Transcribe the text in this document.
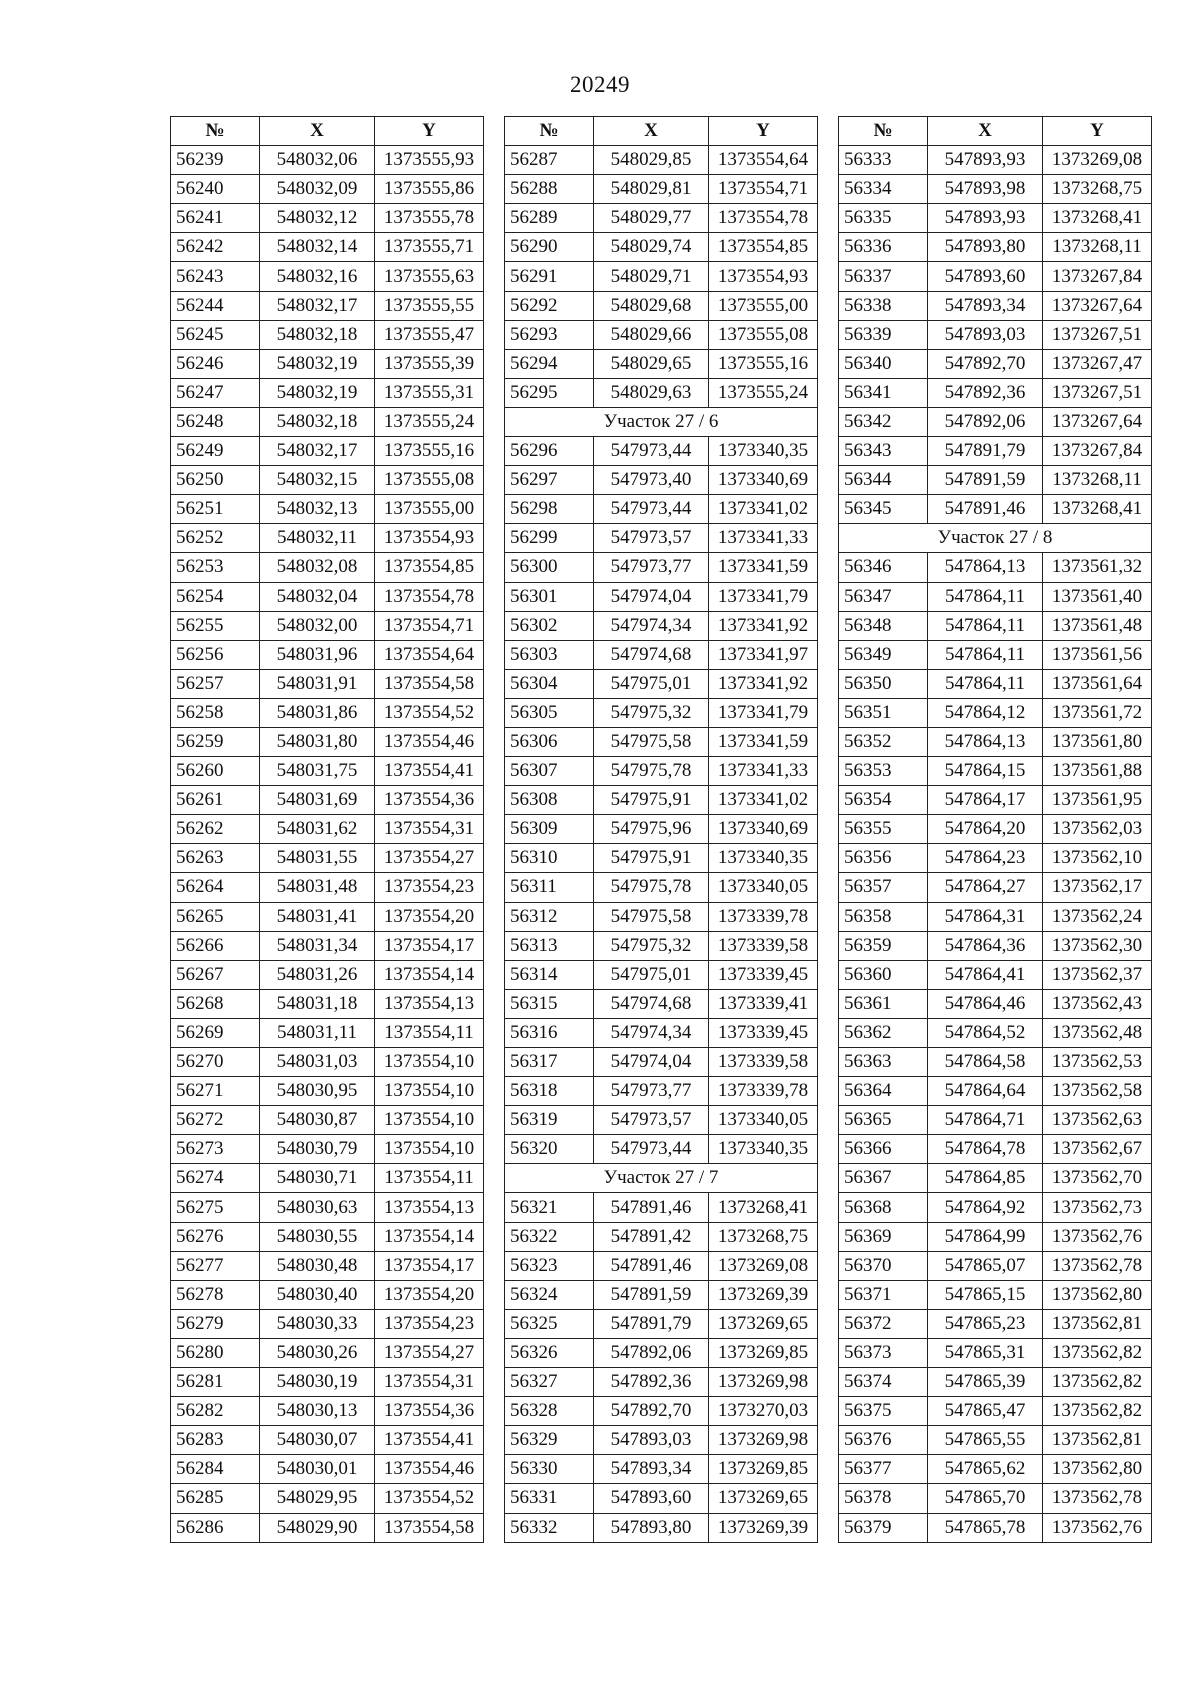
20249
№	X	Y
56239	548032,06	1373555,93
56240	548032,09	1373555,86
56241	548032,12	1373555,78
56242	548032,14	1373555,71
56243	548032,16	1373555,63
56244	548032,17	1373555,55
56245	548032,18	1373555,47
56246	548032,19	1373555,39
56247	548032,19	1373555,31
56248	548032,18	1373555,24
56249	548032,17	1373555,16
56250	548032,15	1373555,08
56251	548032,13	1373555,00
56252	548032,11	1373554,93
56253	548032,08	1373554,85
56254	548032,04	1373554,78
56255	548032,00	1373554,71
56256	548031,96	1373554,64
56257	548031,91	1373554,58
56258	548031,86	1373554,52
56259	548031,80	1373554,46
56260	548031,75	1373554,41
56261	548031,69	1373554,36
56262	548031,62	1373554,31
56263	548031,55	1373554,27
56264	548031,48	1373554,23
56265	548031,41	1373554,20
56266	548031,34	1373554,17
56267	548031,26	1373554,14
56268	548031,18	1373554,13
56269	548031,11	1373554,11
56270	548031,03	1373554,10
56271	548030,95	1373554,10
56272	548030,87	1373554,10
56273	548030,79	1373554,10
56274	548030,71	1373554,11
56275	548030,63	1373554,13
56276	548030,55	1373554,14
56277	548030,48	1373554,17
56278	548030,40	1373554,20
56279	548030,33	1373554,23
56280	548030,26	1373554,27
56281	548030,19	1373554,31
56282	548030,13	1373554,36
56283	548030,07	1373554,41
56284	548030,01	1373554,46
56285	548029,95	1373554,52
56286	548029,90	1373554,58
№	X	Y
56287	548029,85	1373554,64
56288	548029,81	1373554,71
56289	548029,77	1373554,78
56290	548029,74	1373554,85
56291	548029,71	1373554,93
56292	548029,68	1373555,00
56293	548029,66	1373555,08
56294	548029,65	1373555,16
56295	548029,63	1373555,24
Участок 27 / 6		
56296	547973,44	1373340,35
56297	547973,40	1373340,69
56298	547973,44	1373341,02
56299	547973,57	1373341,33
56300	547973,77	1373341,59
56301	547974,04	1373341,79
56302	547974,34	1373341,92
56303	547974,68	1373341,97
56304	547975,01	1373341,92
56305	547975,32	1373341,79
56306	547975,58	1373341,59
56307	547975,78	1373341,33
56308	547975,91	1373341,02
56309	547975,96	1373340,69
56310	547975,91	1373340,35
56311	547975,78	1373340,05
56312	547975,58	1373339,78
56313	547975,32	1373339,58
56314	547975,01	1373339,45
56315	547974,68	1373339,41
56316	547974,34	1373339,45
56317	547974,04	1373339,58
56318	547973,77	1373339,78
56319	547973,57	1373340,05
56320	547973,44	1373340,35
Участок 27 / 7		
56321	547891,46	1373268,41
56322	547891,42	1373268,75
56323	547891,46	1373269,08
56324	547891,59	1373269,39
56325	547891,79	1373269,65
56326	547892,06	1373269,85
56327	547892,36	1373269,98
56328	547892,70	1373270,03
56329	547893,03	1373269,98
56330	547893,34	1373269,85
56331	547893,60	1373269,65
56332	547893,80	1373269,39
№	X	Y
56333	547893,93	1373269,08
56334	547893,98	1373268,75
56335	547893,93	1373268,41
56336	547893,80	1373268,11
56337	547893,60	1373267,84
56338	547893,34	1373267,64
56339	547893,03	1373267,51
56340	547892,70	1373267,47
56341	547892,36	1373267,51
56342	547892,06	1373267,64
56343	547891,79	1373267,84
56344	547891,59	1373268,11
56345	547891,46	1373268,41
Участок 27 / 8		
56346	547864,13	1373561,32
56347	547864,11	1373561,40
56348	547864,11	1373561,48
56349	547864,11	1373561,56
56350	547864,11	1373561,64
56351	547864,12	1373561,72
56352	547864,13	1373561,80
56353	547864,15	1373561,88
56354	547864,17	1373561,95
56355	547864,20	1373562,03
56356	547864,23	1373562,10
56357	547864,27	1373562,17
56358	547864,31	1373562,24
56359	547864,36	1373562,30
56360	547864,41	1373562,37
56361	547864,46	1373562,43
56362	547864,52	1373562,48
56363	547864,58	1373562,53
56364	547864,64	1373562,58
56365	547864,71	1373562,63
56366	547864,78	1373562,67
56367	547864,85	1373562,70
56368	547864,92	1373562,73
56369	547864,99	1373562,76
56370	547865,07	1373562,78
56371	547865,15	1373562,80
56372	547865,23	1373562,81
56373	547865,31	1373562,82
56374	547865,39	1373562,82
56375	547865,47	1373562,82
56376	547865,55	1373562,81
56377	547865,62	1373562,80
56378	547865,70	1373562,78
56379	547865,78	1373562,76
